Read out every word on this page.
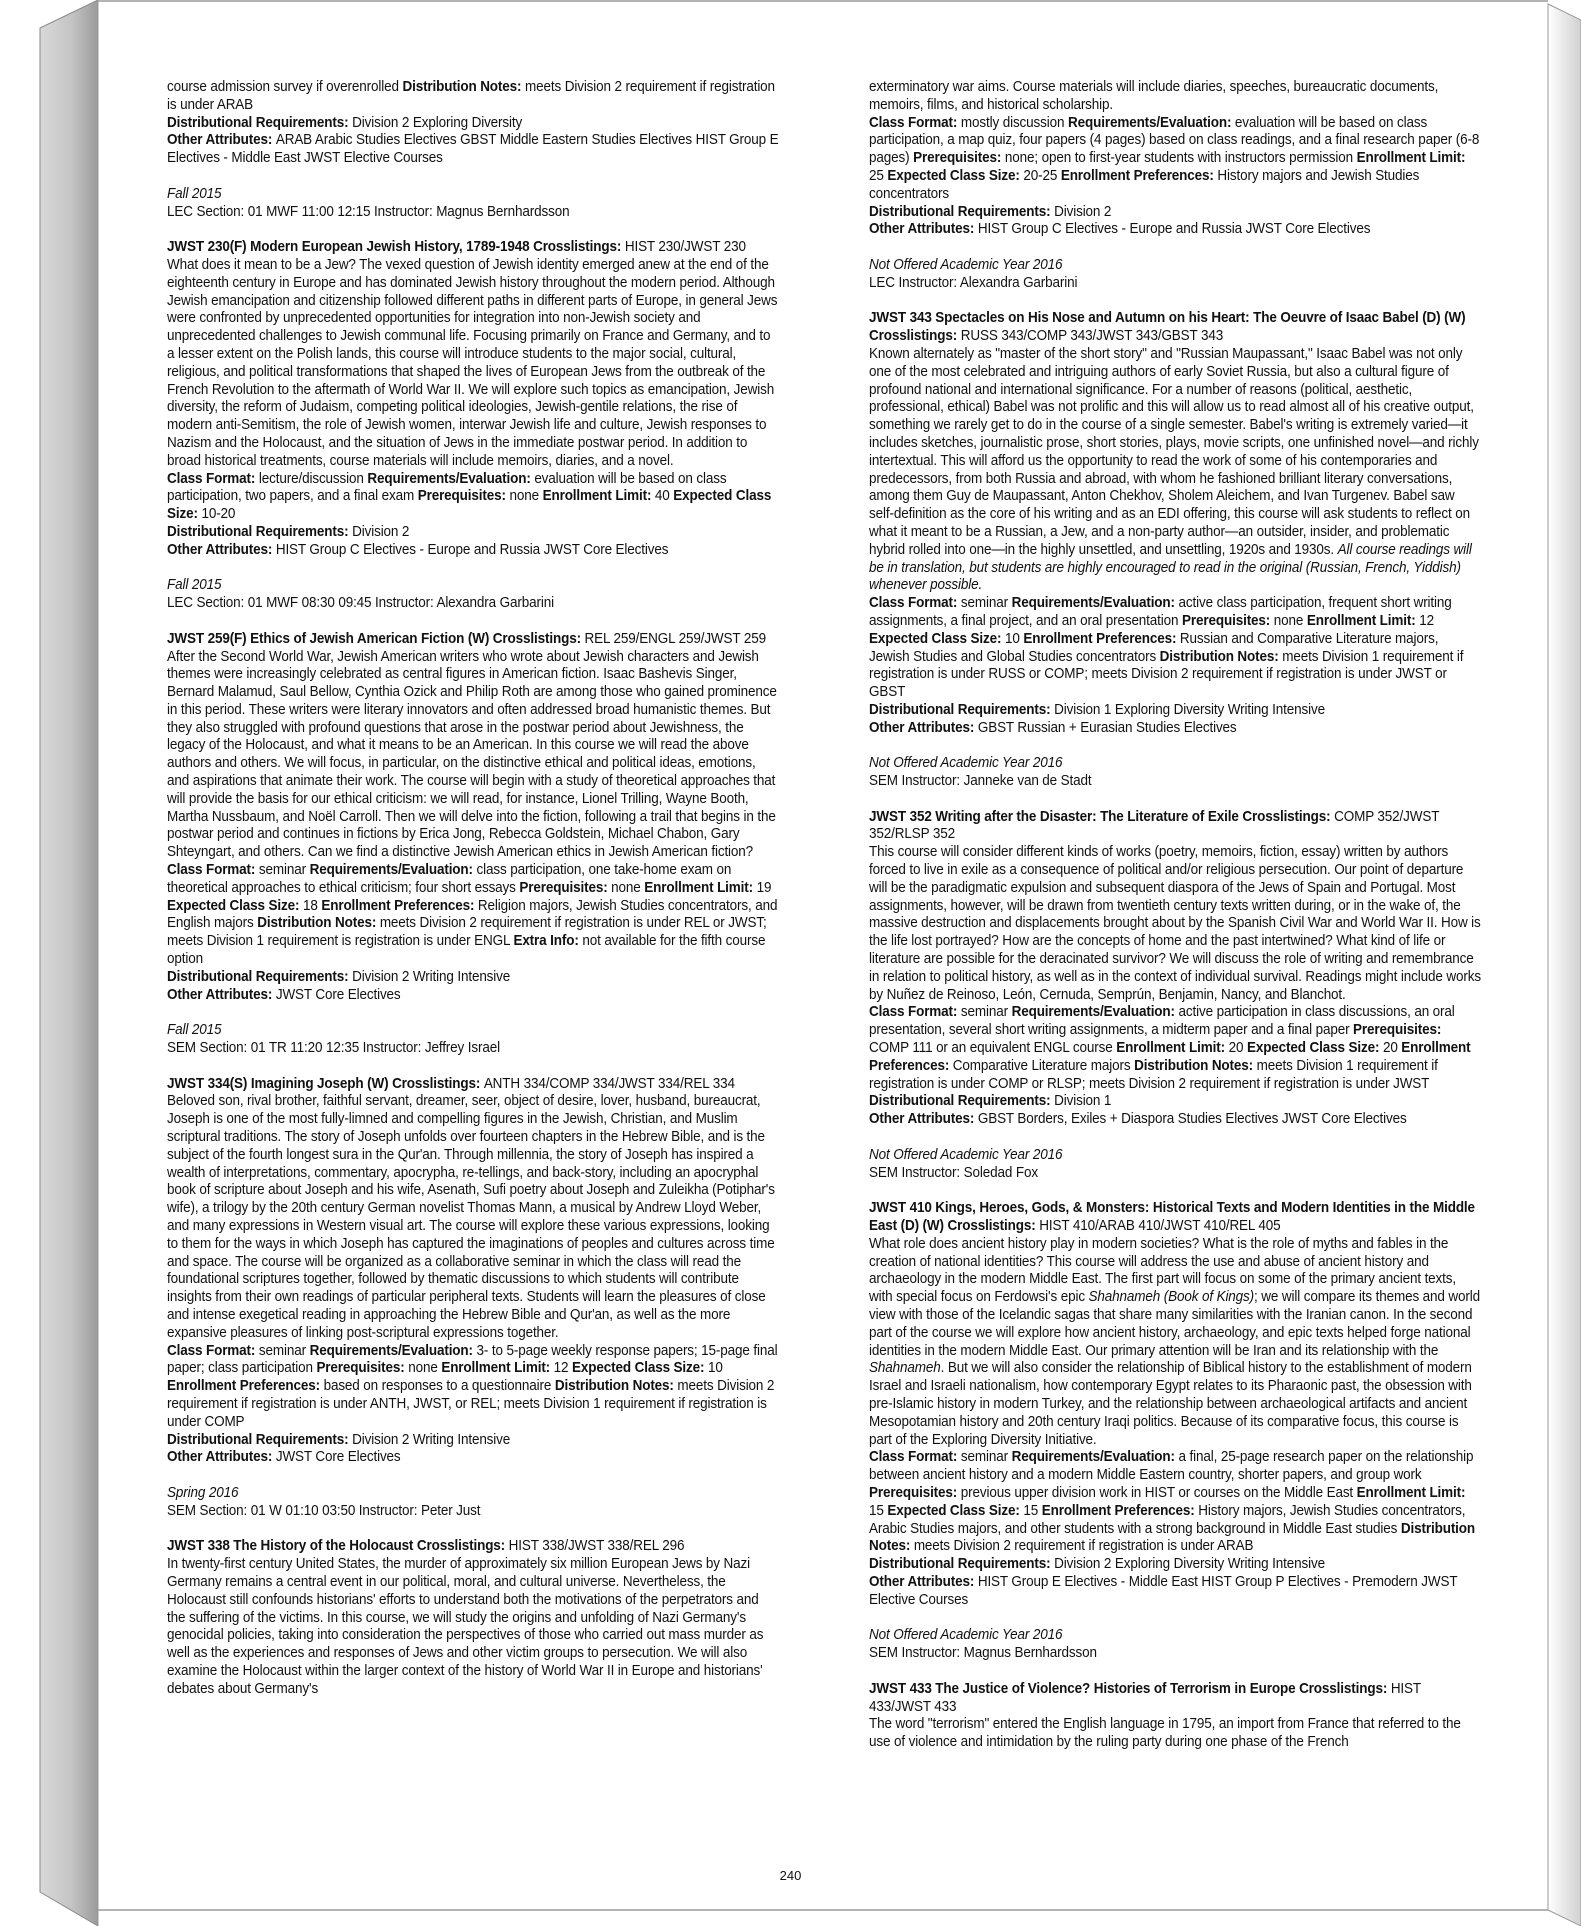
course admission survey if overenrolled Distribution Notes: meets Division 2 requirement if registration is under ARAB
Distributional Requirements: Division 2 Exploring Diversity
Other Attributes: ARAB Arabic Studies Electives GBST Middle Eastern Studies Electives HIST Group E Electives - Middle East JWST Elective Courses
Fall 2015
LEC Section: 01 MWF 11:00 12:15 Instructor: Magnus Bernhardsson
JWST 230(F) Modern European Jewish History, 1789-1948 Crosslistings: HIST 230/JWST 230
What does it mean to be a Jew? The vexed question of Jewish identity emerged anew at the end of the eighteenth century in Europe and has dominated Jewish history throughout the modern period. Although Jewish emancipation and citizenship followed different paths in different parts of Europe, in general Jews were confronted by unprecedented opportunities for integration into non-Jewish society and unprecedented challenges to Jewish communal life. Focusing primarily on France and Germany, and to a lesser extent on the Polish lands, this course will introduce students to the major social, cultural, religious, and political transformations that shaped the lives of European Jews from the outbreak of the French Revolution to the aftermath of World War II. We will explore such topics as emancipation, Jewish diversity, the reform of Judaism, competing political ideologies, Jewish-gentile relations, the rise of modern anti-Semitism, the role of Jewish women, interwar Jewish life and culture, Jewish responses to Nazism and the Holocaust, and the situation of Jews in the immediate postwar period. In addition to broad historical treatments, course materials will include memoirs, diaries, and a novel.
Class Format: lecture/discussion Requirements/Evaluation: evaluation will be based on class participation, two papers, and a final exam Prerequisites: none Enrollment Limit: 40 Expected Class Size: 10-20
Distributional Requirements: Division 2
Other Attributes: HIST Group C Electives - Europe and Russia JWST Core Electives
Fall 2015
LEC Section: 01 MWF 08:30 09:45 Instructor: Alexandra Garbarini
JWST 259(F) Ethics of Jewish American Fiction (W) Crosslistings: REL 259/ENGL 259/JWST 259
After the Second World War, Jewish American writers who wrote about Jewish characters and Jewish themes were increasingly celebrated as central figures in American fiction. Isaac Bashevis Singer, Bernard Malamud, Saul Bellow, Cynthia Ozick and Philip Roth are among those who gained prominence in this period. These writers were literary innovators and often addressed broad humanistic themes. But they also struggled with profound questions that arose in the postwar period about Jewishness, the legacy of the Holocaust, and what it means to be an American. In this course we will read the above authors and others. We will focus, in particular, on the distinctive ethical and political ideas, emotions, and aspirations that animate their work. The course will begin with a study of theoretical approaches that will provide the basis for our ethical criticism: we will read, for instance, Lionel Trilling, Wayne Booth, Martha Nussbaum, and Noël Carroll. Then we will delve into the fiction, following a trail that begins in the postwar period and continues in fictions by Erica Jong, Rebecca Goldstein, Michael Chabon, Gary Shteyngart, and others. Can we find a distinctive Jewish American ethics in Jewish American fiction?
Class Format: seminar Requirements/Evaluation: class participation, one take-home exam on theoretical approaches to ethical criticism; four short essays Prerequisites: none Enrollment Limit: 19 Expected Class Size: 18 Enrollment Preferences: Religion majors, Jewish Studies concentrators, and English majors Distribution Notes: meets Division 2 requirement if registration is under REL or JWST; meets Division 1 requirement is registration is under ENGL Extra Info: not available for the fifth course option
Distributional Requirements: Division 2 Writing Intensive
Other Attributes: JWST Core Electives
Fall 2015
SEM Section: 01 TR 11:20 12:35 Instructor: Jeffrey Israel
JWST 334(S) Imagining Joseph (W) Crosslistings: ANTH 334/COMP 334/JWST 334/REL 334
Beloved son, rival brother, faithful servant, dreamer, seer, object of desire, lover, husband, bureaucrat, Joseph is one of the most fully-limned and compelling figures in the Jewish, Christian, and Muslim scriptural traditions. The story of Joseph unfolds over fourteen chapters in the Hebrew Bible, and is the subject of the fourth longest sura in the Qur'an. Through millennia, the story of Joseph has inspired a wealth of interpretations, commentary, apocrypha, re-tellings, and back-story, including an apocryphal book of scripture about Joseph and his wife, Asenath, Sufi poetry about Joseph and Zuleikha (Potiphar's wife), a trilogy by the 20th century German novelist Thomas Mann, a musical by Andrew Lloyd Weber, and many expressions in Western visual art. The course will explore these various expressions, looking to them for the ways in which Joseph has captured the imaginations of peoples and cultures across time and space. The course will be organized as a collaborative seminar in which the class will read the foundational scriptures together, followed by thematic discussions to which students will contribute insights from their own readings of particular peripheral texts. Students will learn the pleasures of close and intense exegetical reading in approaching the Hebrew Bible and Qur'an, as well as the more expansive pleasures of linking post-scriptural expressions together.
Class Format: seminar Requirements/Evaluation: 3- to 5-page weekly response papers; 15-page final paper; class participation Prerequisites: none Enrollment Limit: 12 Expected Class Size: 10 Enrollment Preferences: based on responses to a questionnaire Distribution Notes: meets Division 2 requirement if registration is under ANTH, JWST, or REL; meets Division 1 requirement if registration is under COMP
Distributional Requirements: Division 2 Writing Intensive
Other Attributes: JWST Core Electives
Spring 2016
SEM Section: 01 W 01:10 03:50 Instructor: Peter Just
JWST 338 The History of the Holocaust Crosslistings: HIST 338/JWST 338/REL 296
In twenty-first century United States, the murder of approximately six million European Jews by Nazi Germany remains a central event in our political, moral, and cultural universe. Nevertheless, the Holocaust still confounds historians' efforts to understand both the motivations of the perpetrators and the suffering of the victims. In this course, we will study the origins and unfolding of Nazi Germany's genocidal policies, taking into consideration the perspectives of those who carried out mass murder as well as the experiences and responses of Jews and other victim groups to persecution. We will also examine the Holocaust within the larger context of the history of World War II in Europe and historians' debates about Germany's
exterminatory war aims. Course materials will include diaries, speeches, bureaucratic documents, memoirs, films, and historical scholarship.
Class Format: mostly discussion Requirements/Evaluation: evaluation will be based on class participation, a map quiz, four papers (4 pages) based on class readings, and a final research paper (6-8 pages) Prerequisites: none; open to first-year students with instructors permission Enrollment Limit: 25 Expected Class Size: 20-25 Enrollment Preferences: History majors and Jewish Studies concentrators
Distributional Requirements: Division 2
Other Attributes: HIST Group C Electives - Europe and Russia JWST Core Electives
Not Offered Academic Year 2016
LEC Instructor: Alexandra Garbarini
JWST 343 Spectacles on His Nose and Autumn on his Heart: The Oeuvre of Isaac Babel (D) (W) Crosslistings: RUSS 343/COMP 343/JWST 343/GBST 343
Known alternately as "master of the short story" and "Russian Maupassant," Isaac Babel was not only one of the most celebrated and intriguing authors of early Soviet Russia, but also a cultural figure of profound national and international significance. For a number of reasons (political, aesthetic, professional, ethical) Babel was not prolific and this will allow us to read almost all of his creative output, something we rarely get to do in the course of a single semester. Babel's writing is extremely varied—it includes sketches, journalistic prose, short stories, plays, movie scripts, one unfinished novel—and richly intertextual. This will afford us the opportunity to read the work of some of his contemporaries and predecessors, from both Russia and abroad, with whom he fashioned brilliant literary conversations, among them Guy de Maupassant, Anton Chekhov, Sholem Aleichem, and Ivan Turgenev. Babel saw self-definition as the core of his writing and as an EDI offering, this course will ask students to reflect on what it meant to be a Russian, a Jew, and a non-party author—an outsider, insider, and problematic hybrid rolled into one—in the highly unsettled, and unsettling, 1920s and 1930s. All course readings will be in translation, but students are highly encouraged to read in the original (Russian, French, Yiddish) whenever possible.
Class Format: seminar Requirements/Evaluation: active class participation, frequent short writing assignments, a final project, and an oral presentation Prerequisites: none Enrollment Limit: 12 Expected Class Size: 10 Enrollment Preferences: Russian and Comparative Literature majors, Jewish Studies and Global Studies concentrators Distribution Notes: meets Division 1 requirement if registration is under RUSS or COMP; meets Division 2 requirement if registration is under JWST or GBST
Distributional Requirements: Division 1 Exploring Diversity Writing Intensive
Other Attributes: GBST Russian + Eurasian Studies Electives
Not Offered Academic Year 2016
SEM Instructor: Janneke van de Stadt
JWST 352 Writing after the Disaster: The Literature of Exile Crosslistings: COMP 352/JWST 352/RLSP 352
This course will consider different kinds of works (poetry, memoirs, fiction, essay) written by authors forced to live in exile as a consequence of political and/or religious persecution. Our point of departure will be the paradigmatic expulsion and subsequent diaspora of the Jews of Spain and Portugal. Most assignments, however, will be drawn from twentieth century texts written during, or in the wake of, the massive destruction and displacements brought about by the Spanish Civil War and World War II. How is the life lost portrayed? How are the concepts of home and the past intertwined? What kind of life or literature are possible for the deracinated survivor? We will discuss the role of writing and remembrance in relation to political history, as well as in the context of individual survival. Readings might include works by Nuñez de Reinoso, León, Cernuda, Semprún, Benjamin, Nancy, and Blanchot.
Class Format: seminar Requirements/Evaluation: active participation in class discussions, an oral presentation, several short writing assignments, a midterm paper and a final paper Prerequisites: COMP 111 or an equivalent ENGL course Enrollment Limit: 20 Expected Class Size: 20 Enrollment Preferences: Comparative Literature majors Distribution Notes: meets Division 1 requirement if registration is under COMP or RLSP; meets Division 2 requirement if registration is under JWST
Distributional Requirements: Division 1
Other Attributes: GBST Borders, Exiles + Diaspora Studies Electives JWST Core Electives
Not Offered Academic Year 2016
SEM Instructor: Soledad Fox
JWST 410 Kings, Heroes, Gods, & Monsters: Historical Texts and Modern Identities in the Middle East (D) (W) Crosslistings: HIST 410/ARAB 410/JWST 410/REL 405
What role does ancient history play in modern societies? What is the role of myths and fables in the creation of national identities? This course will address the use and abuse of ancient history and archaeology in the modern Middle East. The first part will focus on some of the primary ancient texts, with special focus on Ferdowsi's epic Shahnameh (Book of Kings); we will compare its themes and world view with those of the Icelandic sagas that share many similarities with the Iranian canon. In the second part of the course we will explore how ancient history, archaeology, and epic texts helped forge national identities in the modern Middle East. Our primary attention will be Iran and its relationship with the Shahnameh. But we will also consider the relationship of Biblical history to the establishment of modern Israel and Israeli nationalism, how contemporary Egypt relates to its Pharaonic past, the obsession with pre-Islamic history in modern Turkey, and the relationship between archaeological artifacts and ancient Mesopotamian history and 20th century Iraqi politics. Because of its comparative focus, this course is part of the Exploring Diversity Initiative.
Class Format: seminar Requirements/Evaluation: a final, 25-page research paper on the relationship between ancient history and a modern Middle Eastern country, shorter papers, and group work Prerequisites: previous upper division work in HIST or courses on the Middle East Enrollment Limit: 15 Expected Class Size: 15 Enrollment Preferences: History majors, Jewish Studies concentrators, Arabic Studies majors, and other students with a strong background in Middle East studies Distribution Notes: meets Division 2 requirement if registration is under ARAB
Distributional Requirements: Division 2 Exploring Diversity Writing Intensive
Other Attributes: HIST Group E Electives - Middle East HIST Group P Electives - Premodern JWST Elective Courses
Not Offered Academic Year 2016
SEM Instructor: Magnus Bernhardsson
JWST 433 The Justice of Violence? Histories of Terrorism in Europe Crosslistings: HIST 433/JWST 433
The word "terrorism" entered the English language in 1795, an import from France that referred to the use of violence and intimidation by the ruling party during one phase of the French
240
